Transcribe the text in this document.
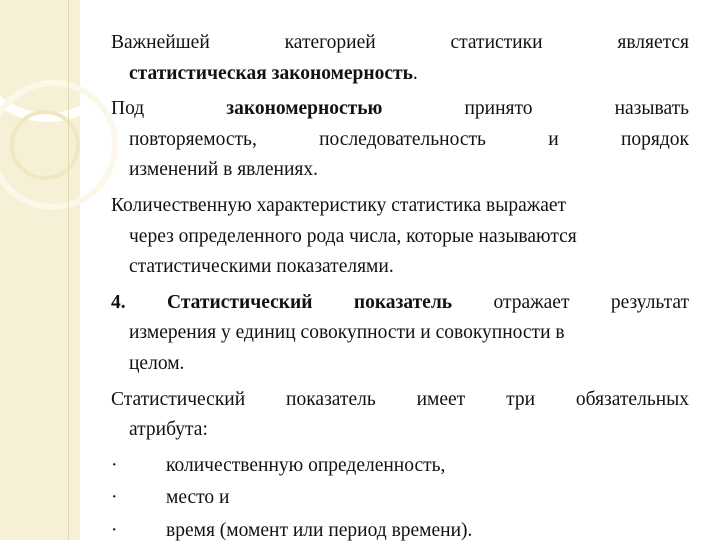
Важнейшей	категорией	статистики	является
статистическая закономерность.
Под	закономерностью	принято	называть
повторяемость,	последовательность	и	порядок
изменений в явлениях.
Количественную характеристику статистика выражает
через определенного рода числа, которые называются
статистическими показателями.
4. Статистический показатель отражает результат
измерения у единиц совокупности и совокупности в
целом.
Статистический показатель имеет три обязательных
атрибута:
·	количественную определенность,
·	место и
·	время (момент или период времени).
